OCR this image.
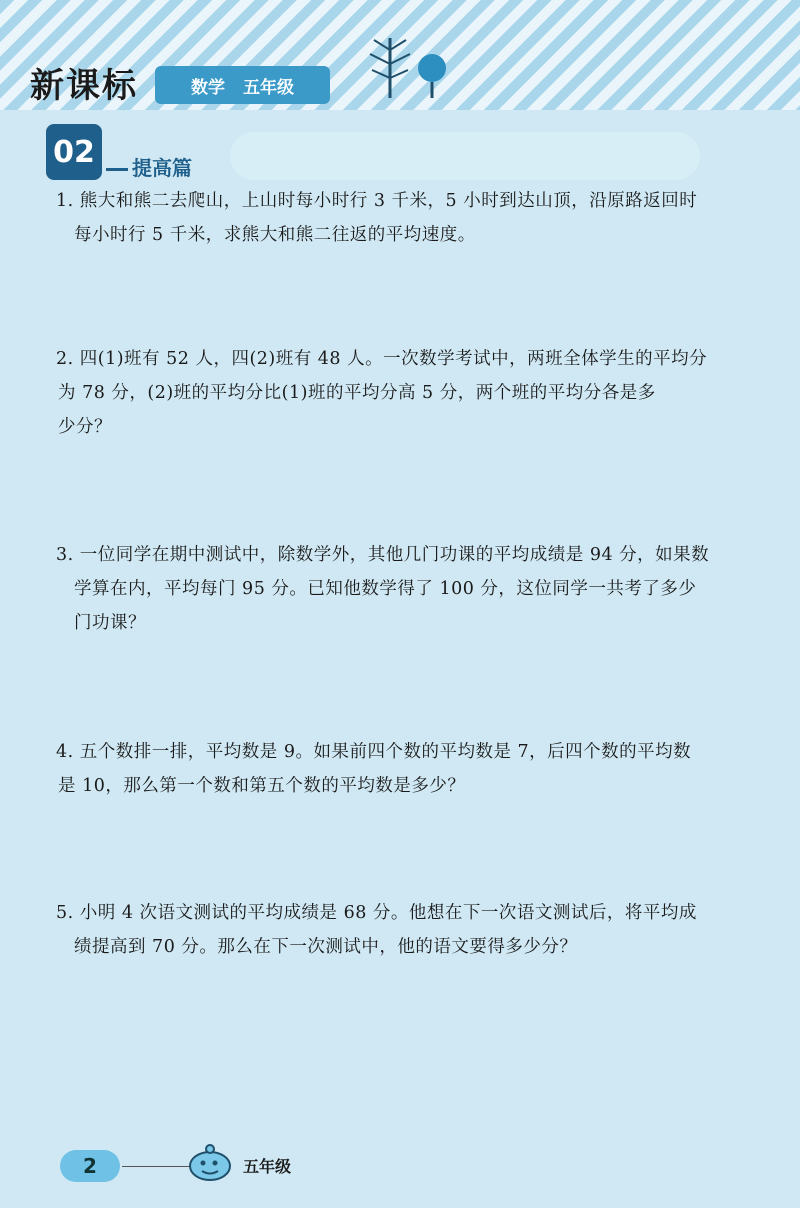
新课标	数学 五年级
02	提高篇
1. 熊大和熊二去爬山，上山时每小时行 3 千米，5 小时到达山顶，沿原路返回时
每小时行 5 千米，求熊大和熊二往返的平均速度。
2. 四(1)班有 52 人，四(2)班有 48 人。一次数学考试中，两班全体学生的平均分
为 78 分，(2)班的平均分比(1)班的平均分高 5 分，两个班的平均分各是多
少分？
3. 一位同学在期中测试中，除数学外，其他几门功课的平均成绩是 94 分，如果数
学算在内，平均每门 95 分。已知他数学得了 100 分，这位同学一共考了多少
门功课？
4. 五个数排一排，平均数是 9。如果前四个数的平均数是 7，后四个数的平均数
是 10，那么第一个数和第五个数的平均数是多少？
5. 小明 4 次语文测试的平均成绩是 68 分。他想在下一次语文测试后，将平均成
绩提高到 70 分。那么在下一次测试中，他的语文要得多少分？
2	五年级
